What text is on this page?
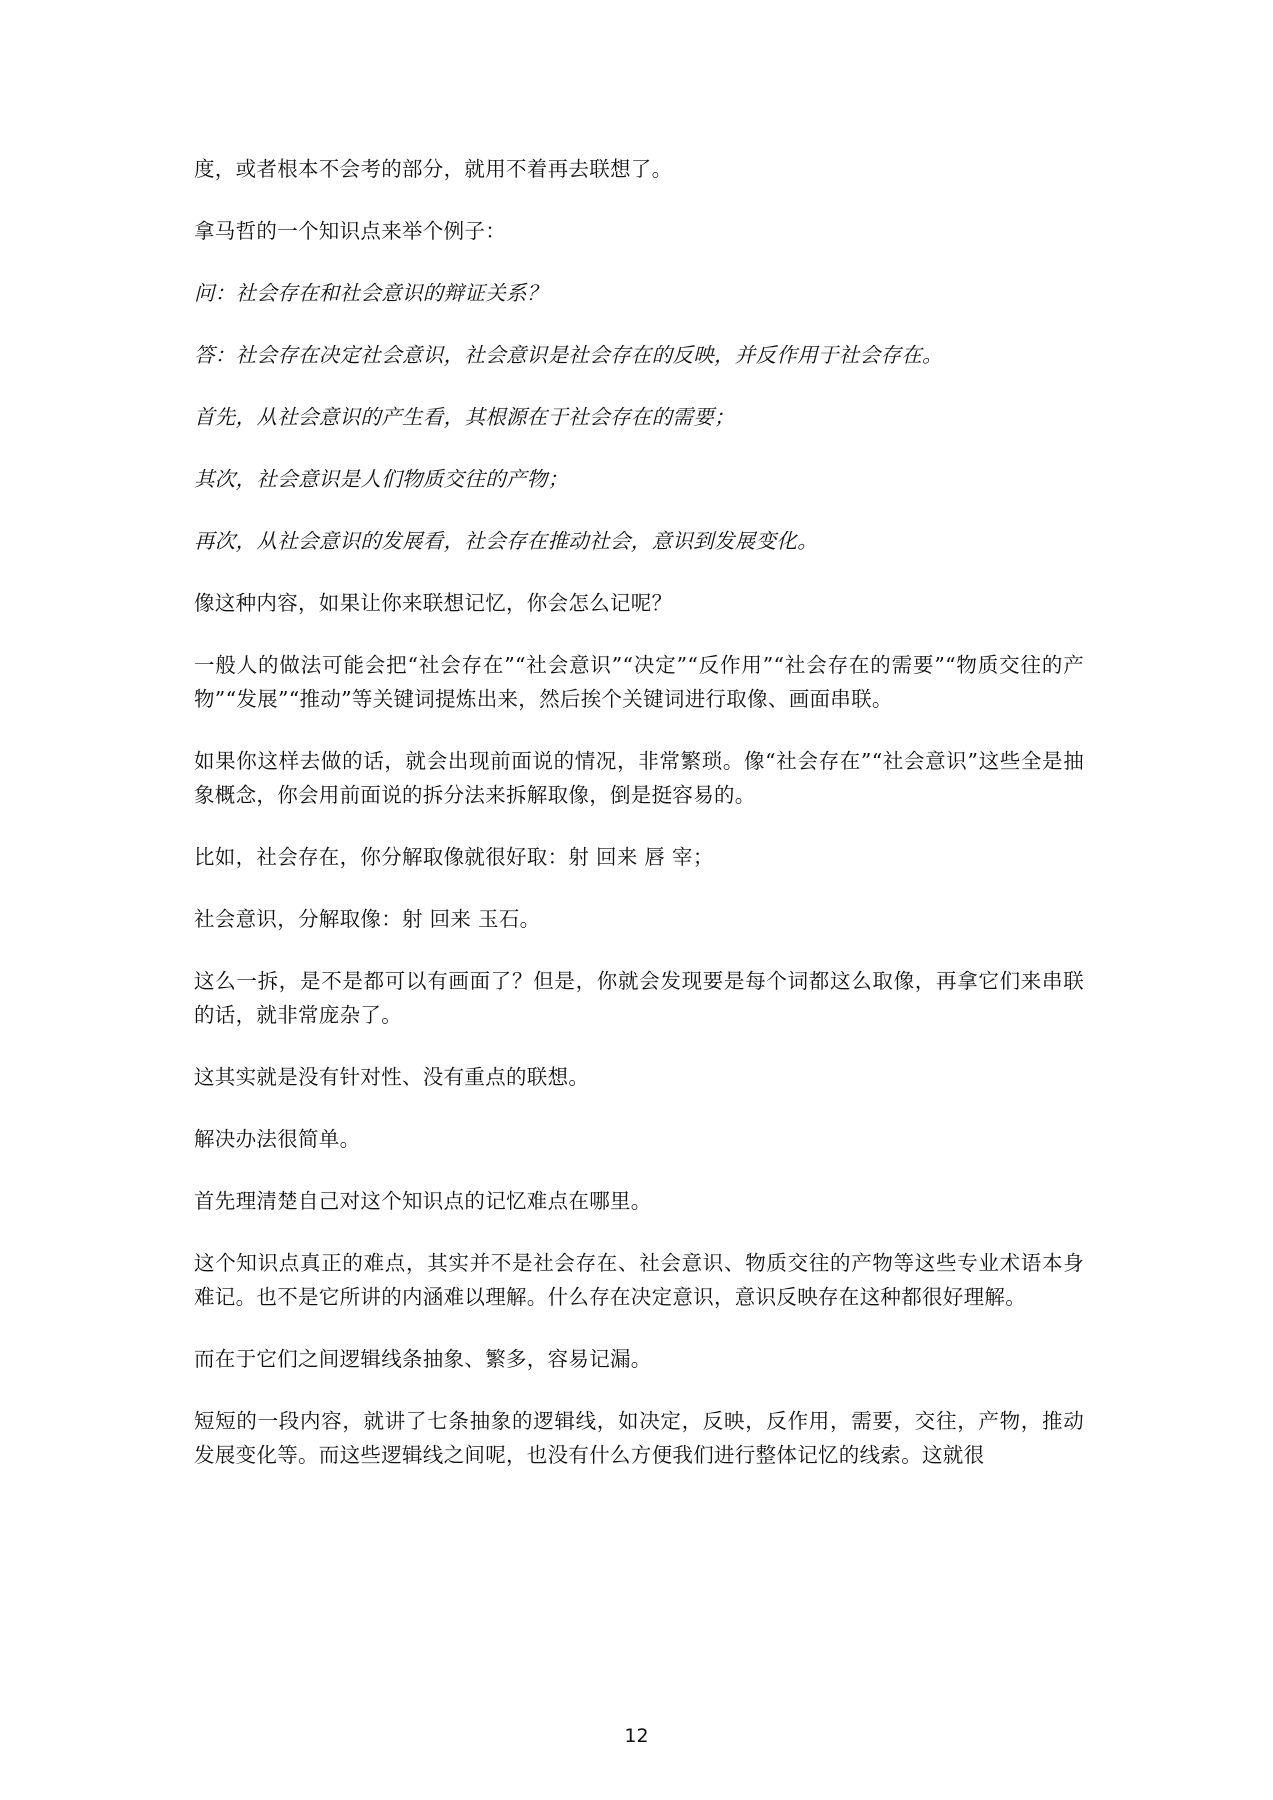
度，或者根本不会考的部分，就用不着再去联想了。

拿马哲的一个知识点来举个例子：

问：社会存在和社会意识的辩证关系？

答：社会存在决定社会意识，社会意识是社会存在的反映，并反作用于社会存在。

首先，从社会意识的产生看，其根源在于社会存在的需要；

其次，社会意识是人们物质交往的产物；

再次，从社会意识的发展看，社会存在推动社会，意识到发展变化。

像这种内容，如果让你来联想记忆，你会怎么记呢？

一般人的做法可能会把“社会存在”“社会意识”“决定”“反作用”“社会存在的需要”“物质交往的产物”“发展”“推动”等关键词提炼出来，然后挨个关键词进行取像、画面串联。

如果你这样去做的话，就会出现前面说的情况，非常繁琐。像“社会存在”“社会意识”这些全是抽象概念，你会用前面说的拆分法来拆解取像，倒是挺容易的。

比如，社会存在，你分解取像就很好取：射 回来 唇 宰；

社会意识，分解取像：射 回来 玉石。

这么一拆，是不是都可以有画面了？但是，你就会发现要是每个词都这么取像，再拿它们来串联的话，就非常庞杂了。

这其实就是没有针对性、没有重点的联想。

解决办法很简单。

首先理清楚自己对这个知识点的记忆难点在哪里。

这个知识点真正的难点，其实并不是社会存在、社会意识、物质交往的产物等这些专业术语本身难记。也不是它所讲的内涵难以理解。什么存在决定意识，意识反映存在这种都很好理解。

而在于它们之间逻辑线条抽象、繁多，容易记漏。

短短的一段内容，就讲了七条抽象的逻辑线，如决定，反映，反作用，需要，交往，产物，推动发展变化等。而这些逻辑线之间呢，也没有什么方便我们进行整体记忆的线索。这就很

12
